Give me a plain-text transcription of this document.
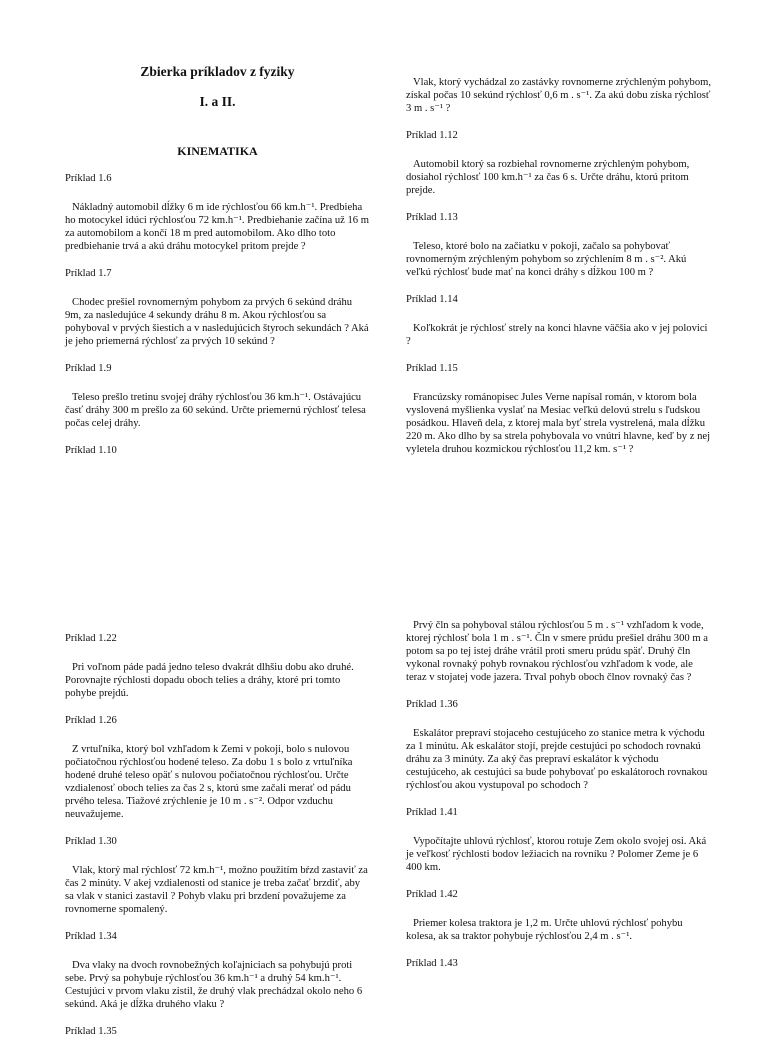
Zbierka príkladov z fyziky
I. a II.
KINEMATIKA
Príklad 1.6
Nákladný automobil dĺžky 6 m ide rýchlosťou 66 km.h⁻¹. Predbieha ho motocykel idúci rýchlosťou 72 km.h⁻¹. Predbiehanie začína už 16 m za automobilom a končí 18 m pred automobilom. Ako dlho toto predbiehanie trvá a akú dráhu motocykel pritom prejde ?
Príklad 1.7
Chodec prešiel rovnomerným pohybom za prvých 6 sekúnd dráhu 9m, za nasledujúce 4 sekundy dráhu 8 m. Akou rýchlosťou sa pohyboval v prvých šiestich a v nasledujúcich štyroch sekundách ? Aká je jeho priemerná rýchlosť za prvých 10 sekúnd ?
Príklad 1.9
Teleso prešlo tretinu svojej dráhy rýchlosťou 36 km.h⁻¹. Ostávajúcu časť dráhy 300 m prešlo za 60 sekúnd. Určte priemernú rýchlosť telesa počas celej dráhy.
Príklad 1.10
Vlak, ktorý vychádzal zo zastávky rovnomerne zrýchleným pohybom, získal počas 10 sekúnd rýchlosť 0,6 m . s⁻¹. Za akú dobu získa rýchlosť 3 m . s⁻¹ ?
Príklad 1.12
Automobil ktorý sa rozbiehal rovnomerne zrýchleným pohybom, dosiahol rýchlosť 100 km.h⁻¹ za čas 6 s. Určte dráhu, ktorú pritom prejde.
Príklad 1.13
Teleso, ktoré bolo na začiatku v pokoji, začalo sa pohybovať rovnomerným zrýchleným pohybom so zrýchlením 8 m . s⁻². Akú veľkú rýchlosť bude mať na konci dráhy s dĺžkou 100 m ?
Príklad 1.14
Koľkokrát je rýchlosť strely na konci hlavne väčšia ako v jej polovici ?
Príklad 1.15
Francúzsky románopisec Jules Verne napísal román, v ktorom bola vyslovená myšlienka vyslať na Mesiac veľkú delovú strelu s ľudskou posádkou. Hlaveň dela, z ktorej mala byť strela vystrelená, mala dĺžku 220 m. Ako dlho by sa strela pohybovala vo vnútri hlavne, keď by z nej vyletela druhou kozmickou rýchlosťou 11,2 km. s⁻¹ ?
Príklad 1.22
Pri voľnom páde padá jedno teleso dvakrát dlhšiu dobu ako druhé. Porovnajte rýchlosti dopadu oboch telies a dráhy, ktoré pri tomto pohybe prejdú.
Príklad 1.26
Z vrtuľníka, ktorý bol vzhľadom k Zemi v pokoji, bolo s nulovou počiatočnou rýchlosťou hodené teleso. Za dobu 1 s bolo z vrtuľníka hodené druhé teleso opäť s nulovou počiatočnou rýchlosťou. Určte vzdialenosť oboch telies za čas 2 s, ktorú sme začali merať od pádu prvého telesa. Tiažové zrýchlenie je 10 m . s⁻². Odpor vzduchu neuvažujeme.
Príklad 1.30
Vlak, ktorý mal rýchlosť 72 km.h⁻¹, možno použitím bŕzd zastaviť za čas 2 minúty. V akej vzdialenosti od stanice je treba začať brzdiť, aby sa vlak v stanici zastavil ? Pohyb vlaku pri brzdení považujeme za rovnomerne spomalený.
Príklad 1.34
Dva vlaky na dvoch rovnobežných koľajniciach sa pohybujú proti sebe. Prvý sa pohybuje rýchlosťou 36 km.h⁻¹ a druhý 54 km.h⁻¹. Cestujúci v prvom vlaku zistil, že druhý vlak prechádzal okolo neho 6 sekúnd. Aká je dĺžka druhého vlaku ?
Príklad 1.35
Prvý čln sa pohyboval stálou rýchlosťou 5 m . s⁻¹ vzhľadom k vode, ktorej rýchlosť bola 1 m . s⁻¹. Čln v smere prúdu prešiel dráhu 300 m a potom sa po tej istej dráhe vrátil proti smeru prúdu späť. Druhý čln vykonal rovnaký pohyb rovnakou rýchlosťou vzhľadom k vode, ale teraz v stojatej vode jazera. Trval pohyb oboch člnov rovnaký čas ?
Príklad 1.36
Eskalátor prepraví stojaceho cestujúceho zo stanice metra k východu za 1 minútu. Ak eskalátor stojí, prejde cestujúci po schodoch rovnakú dráhu za 3 minúty. Za aký čas prepraví eskalátor k východu cestujúceho, ak cestujúci sa bude pohybovať po eskalátoroch rovnakou rýchlosťou akou vystupoval po schodoch ?
Príklad 1.41
Vypočítajte uhlovú rýchlosť, ktorou rotuje Zem okolo svojej osi. Aká je veľkosť rýchlosti bodov ležiacich na rovníku ? Polomer Zeme je 6 400 km.
Príklad 1.42
Priemer kolesa traktora je 1,2 m. Určte uhlovú rýchlosť pohybu kolesa, ak sa traktor pohybuje rýchlosťou 2,4 m . s⁻¹.
Príklad 1.43
